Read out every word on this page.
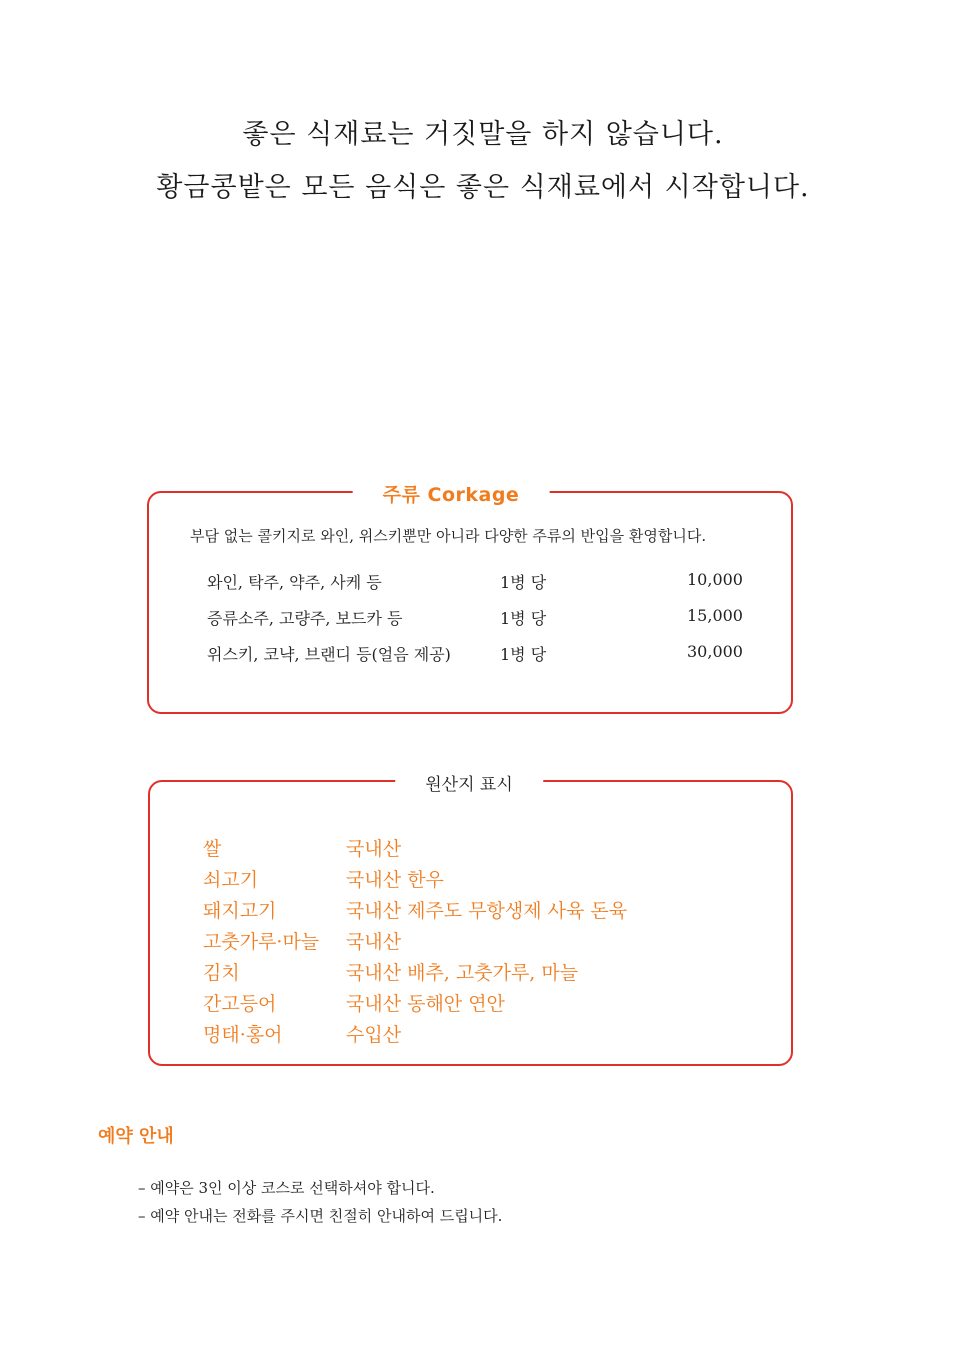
좋은 식재료는 거짓말을 하지 않습니다.
황금콩밭은 모든 음식은 좋은 식재료에서 시작합니다.
주류 Corkage
부담 없는 콜키지로 와인, 위스키뿐만 아니라 다양한 주류의 반입을 환영합니다.
와인, 탁주, 약주, 사케 등	1병 당	10,000
증류소주, 고량주, 보드카 등	1병 당	15,000
위스키, 코냑, 브랜디 등(얼음 제공)	1병 당	30,000
원산지 표시
쌀	국내산
쇠고기	국내산 한우
돼지고기	국내산 제주도 무항생제 사육 돈육
고춧가루·마늘 국내산
김치	국내산 배추, 고춧가루, 마늘
간고등어	국내산 동해안 연안
명태·홍어	수입산
예약 안내
– 예약은 3인 이상 코스로 선택하셔야 합니다.
– 예약 안내는 전화를 주시면 친절히 안내하여 드립니다.
